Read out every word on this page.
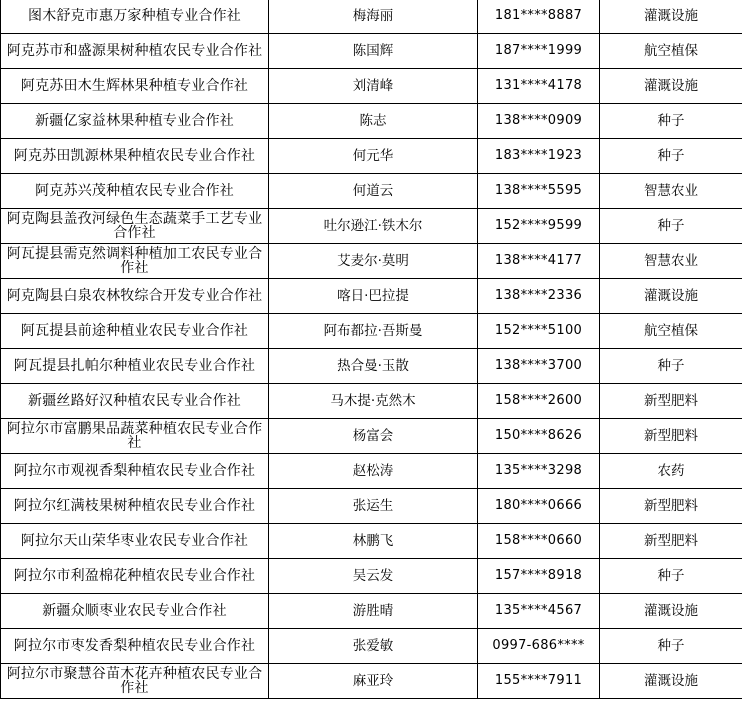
图木舒克市惠万家种植专业合作社	梅海丽	181****8887	灌溉设施
阿克苏市和盛源果树种植农民专业合作社	陈国辉	187****1999	航空植保
阿克苏田木生辉林果种植专业合作社	刘清峰	131****4178	灌溉设施
新疆亿家益林果种植专业合作社	陈志	138****0909	种子
阿克苏田凯源林果种植农民专业合作社	何元华	183****1923	种子
阿克苏兴茂种植农民专业合作社	何道云	138****5595	智慧农业
阿克陶县盖孜河绿色生态蔬菜手工艺专业合作社	吐尔逊江·铁木尔	152****9599	种子
阿瓦提县需克然调料种植加工农民专业合作社	艾麦尔·莫明	138****4177	智慧农业
阿克陶县白泉农林牧综合开发专业合作社	喀日·巴拉提	138****2336	灌溉设施
阿瓦提县前途种植业农民专业合作社	阿布都拉·吾斯曼	152****5100	航空植保
阿瓦提县扎帕尔种植业农民专业合作社	热合曼·玉散	138****3700	种子
新疆丝路好汉种植农民专业合作社	马木提·克然木	158****2600	新型肥料
阿拉尔市富鹏果品蔬菜种植农民专业合作社	杨富会	150****8626	新型肥料
阿拉尔市观视香梨种植农民专业合作社	赵松涛	135****3298	农药
阿拉尔红满枝果树种植农民专业合作社	张运生	180****0666	新型肥料
阿拉尔天山荣华枣业农民专业合作社	林鹏飞	158****0660	新型肥料
阿拉尔市利盈棉花种植农民专业合作社	吴云发	157****8918	种子
新疆众顺枣业农民专业合作社	游胜晴	135****4567	灌溉设施
阿拉尔市枣发香梨种植农民专业合作社	张爱敏	0997-686****	种子
阿拉尔市聚慧谷苗木花卉种植农民专业合作社	麻亚玲	155****7911	灌溉设施
